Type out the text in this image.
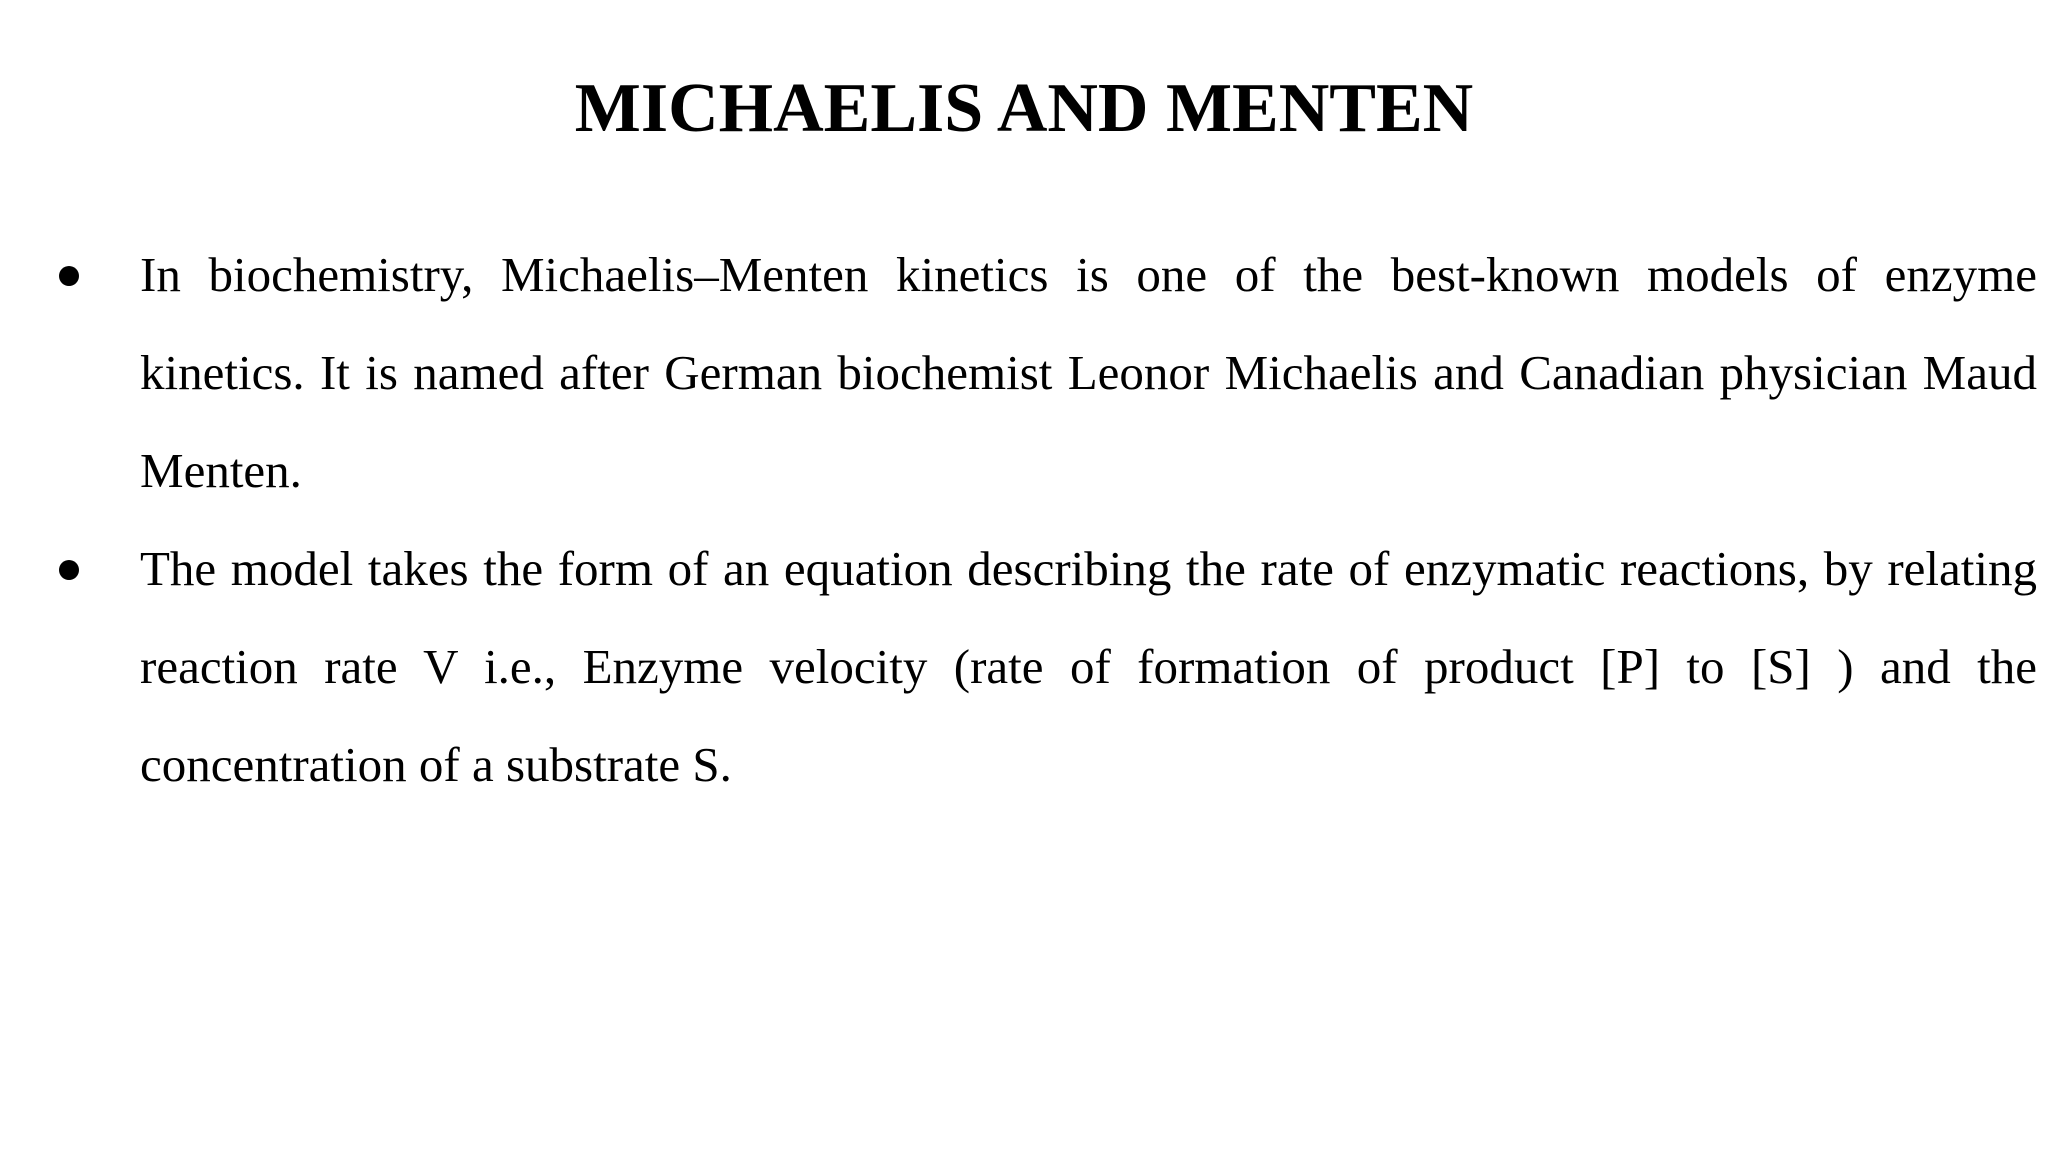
MICHAELIS AND MENTEN
In biochemistry, Michaelis–Menten kinetics is one of the best-known models of enzyme kinetics. It is named after German biochemist Leonor Michaelis and Canadian physician Maud Menten.
The model takes the form of an equation describing the rate of enzymatic reactions, by relating reaction rate V i.e., Enzyme velocity (rate of formation of product [P] to [S] ) and the concentration of a substrate S.
